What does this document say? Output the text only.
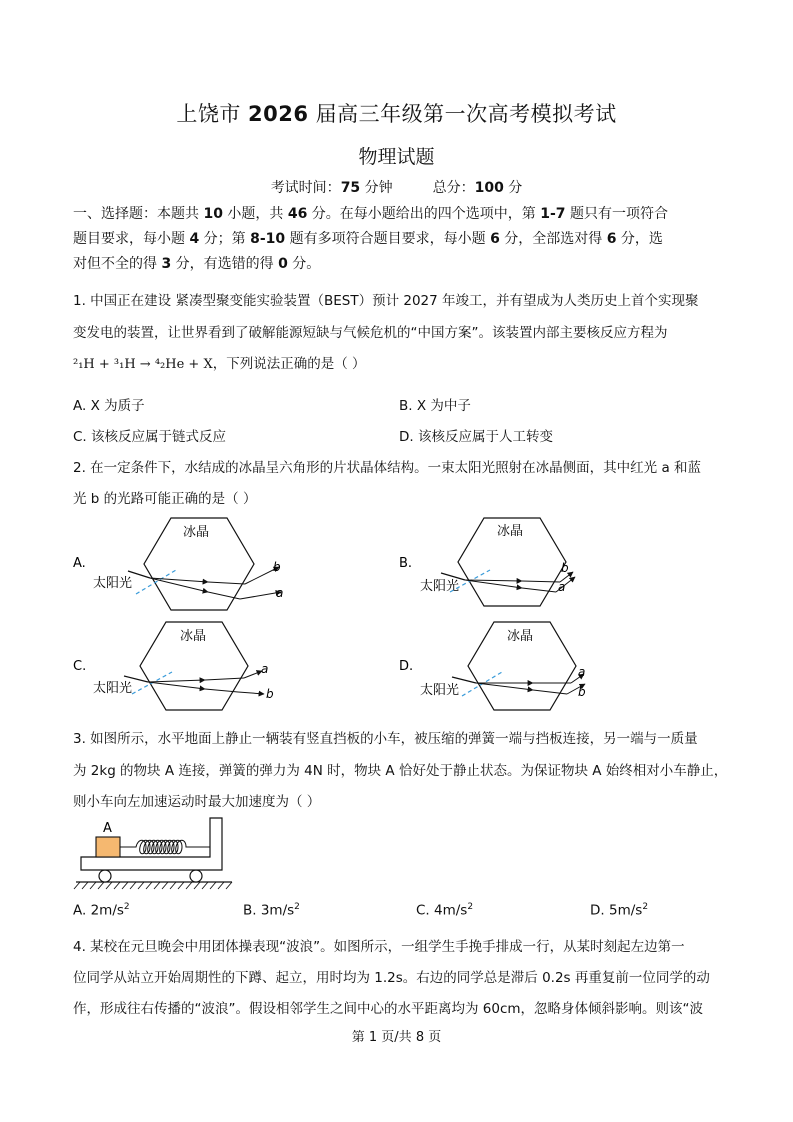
上饶市 2026 届高三年级第一次高考模拟考试
物理试题
考试时间：75 分钟	总分：100 分
一、选择题：本题共 10 小题，共 46 分。在每小题给出的四个选项中，第 1-7 题只有一项符合
题目要求，每小题 4 分；第 8-10 题有多项符合题目要求，每小题 6 分，全部选对得 6 分，选
对但不全的得 3 分，有选错的得 0 分。
1. 中国正在建设 紧凑型聚变能实验装置（BEST）预计 2027 年竣工，并有望成为人类历史上首个实现聚
变发电的装置，让世界看到了破解能源短缺与气候危机的“中国方案”。该装置内部主要核反应方程为
²₁H + ³₁H → ⁴₂He + X，下列说法正确的是（ ）
A. X 为质子	B. X 为中子
C. 该核反应属于链式反应	D. 该核反应属于人工转变
2. 在一定条件下，水结成的冰晶呈六角形的片状晶体结构。一束太阳光照射在冰晶侧面，其中红光 a 和蓝
光 b 的光路可能正确的是（ ）
A.
冰晶
太阳光
b
a
B.
冰晶
太阳光
b
a
C.
冰晶
太阳光
a
b
D.
冰晶
太阳光
a
b
A
3. 如图所示，水平地面上静止一辆装有竖直挡板的小车，被压缩的弹簧一端与挡板连接，另一端与一质量
为 2kg 的物块 A 连接，弹簧的弹力为 4N 时，物块 A 恰好处于静止状态。为保证物块 A 始终相对小车静止，
则小车向左加速运动时最大加速度为（ ）
A. $2m/s^2$	B. $3m/s^2$	C. $4m/s^2$	D. $5m/s^2$
4. 某校在元旦晚会中用团体操表现“波浪”。如图所示，一组学生手挽手排成一行，从某时刻起左边第一
位同学从站立开始周期性的下蹲、起立，用时均为 1.2s。右边的同学总是滞后 0.2s 再重复前一位同学的动
作，形成往右传播的“波浪”。假设相邻学生之间中心的水平距离均为 60cm，忽略身体倾斜影响。则该“波
第 1 页/共 8 页
